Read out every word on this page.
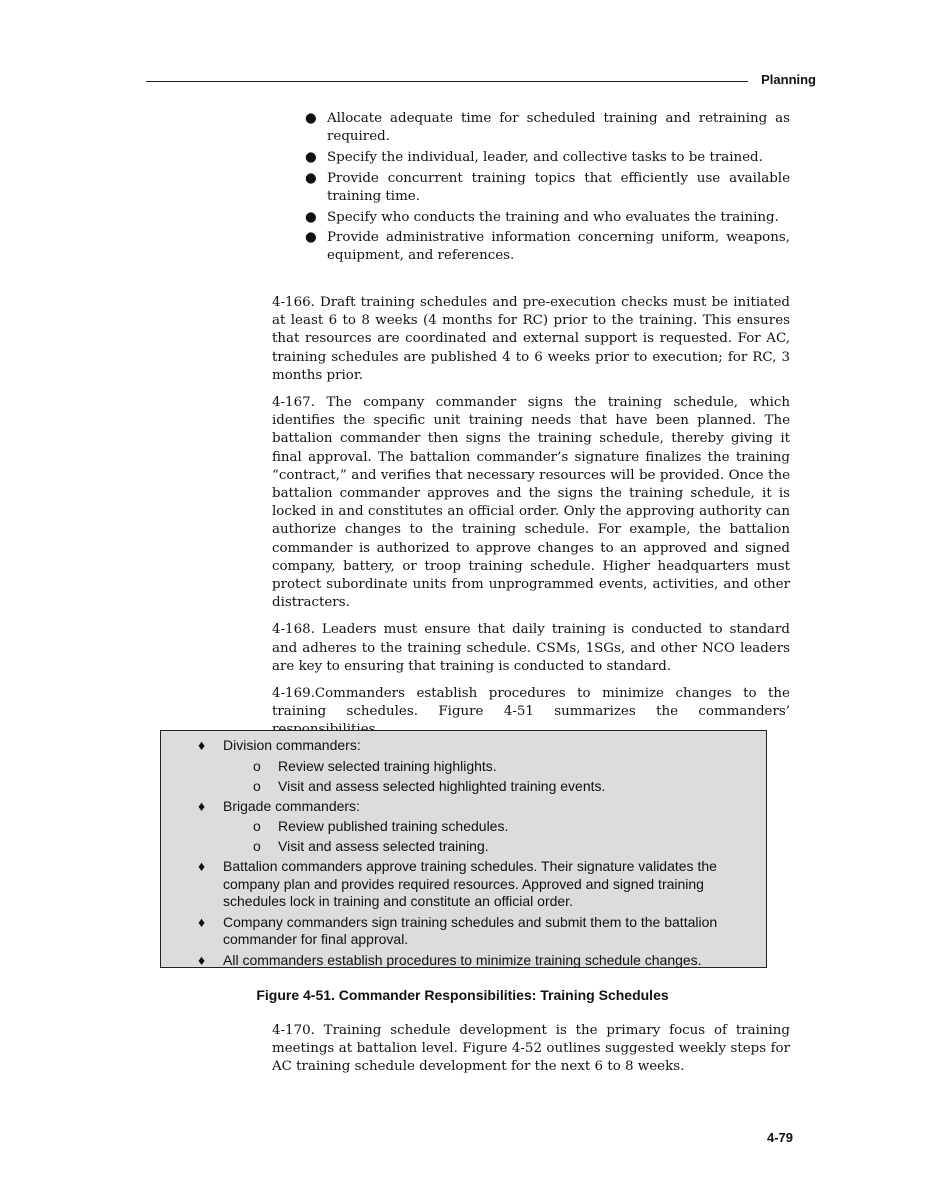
Planning
● Allocate adequate time for scheduled training and retraining as required.
● Specify the individual, leader, and collective tasks to be trained.
● Provide concurrent training topics that efficiently use available training time.
● Specify who conducts the training and who evaluates the training.
● Provide administrative information concerning uniform, weapons, equipment, and references.

4-166. Draft training schedules and pre-execution checks must be initiated at least 6 to 8 weeks (4 months for RC) prior to the training. This ensures that resources are coordinated and external support is requested. For AC, training schedules are published 4 to 6 weeks prior to execution; for RC, 3 months prior.

4-167. The company commander signs the training schedule, which identifies the specific unit training needs that have been planned. The battalion commander then signs the training schedule, thereby giving it final approval. The battalion commander’s signature finalizes the training “contract,” and verifies that necessary resources will be provided. Once the battalion commander approves and the signs the training schedule, it is locked in and constitutes an official order. Only the approving authority can authorize changes to the training schedule. For example, the battalion commander is authorized to approve changes to an approved and signed company, battery, or troop training schedule. Higher headquarters must protect subordinate units from unprogrammed events, activities, and other distracters.

4-168. Leaders must ensure that daily training is conducted to standard and adheres to the training schedule. CSMs, 1SGs, and other NCO leaders are key to ensuring that training is conducted to standard.

4-169.Commanders establish procedures to minimize changes to the training schedules. Figure 4-51 summarizes the commanders’

♦ Division commanders:
o Review selected training highlights.
o Visit and assess selected highlighted training events.
♦ Brigade commanders:
o Review published training schedules.
o Visit and assess selected training.
♦ Battalion commanders approve training schedules. Their signature validates the company plan and provides required resources. Approved and signed training schedules lock in training and constitute an official order.
♦ Company commanders sign training schedules and submit them to the battalion commander for final approval.
♦ All commanders establish procedures to minimize training schedule changes.
Figure 4-51. Commander Responsibilities: Training Schedules

4-170. Training schedule development is the primary focus of training meetings at battalion level. Figure 4-52 outlines suggested weekly steps for AC training schedule development for the next 6 to 8 weeks.

4-79
